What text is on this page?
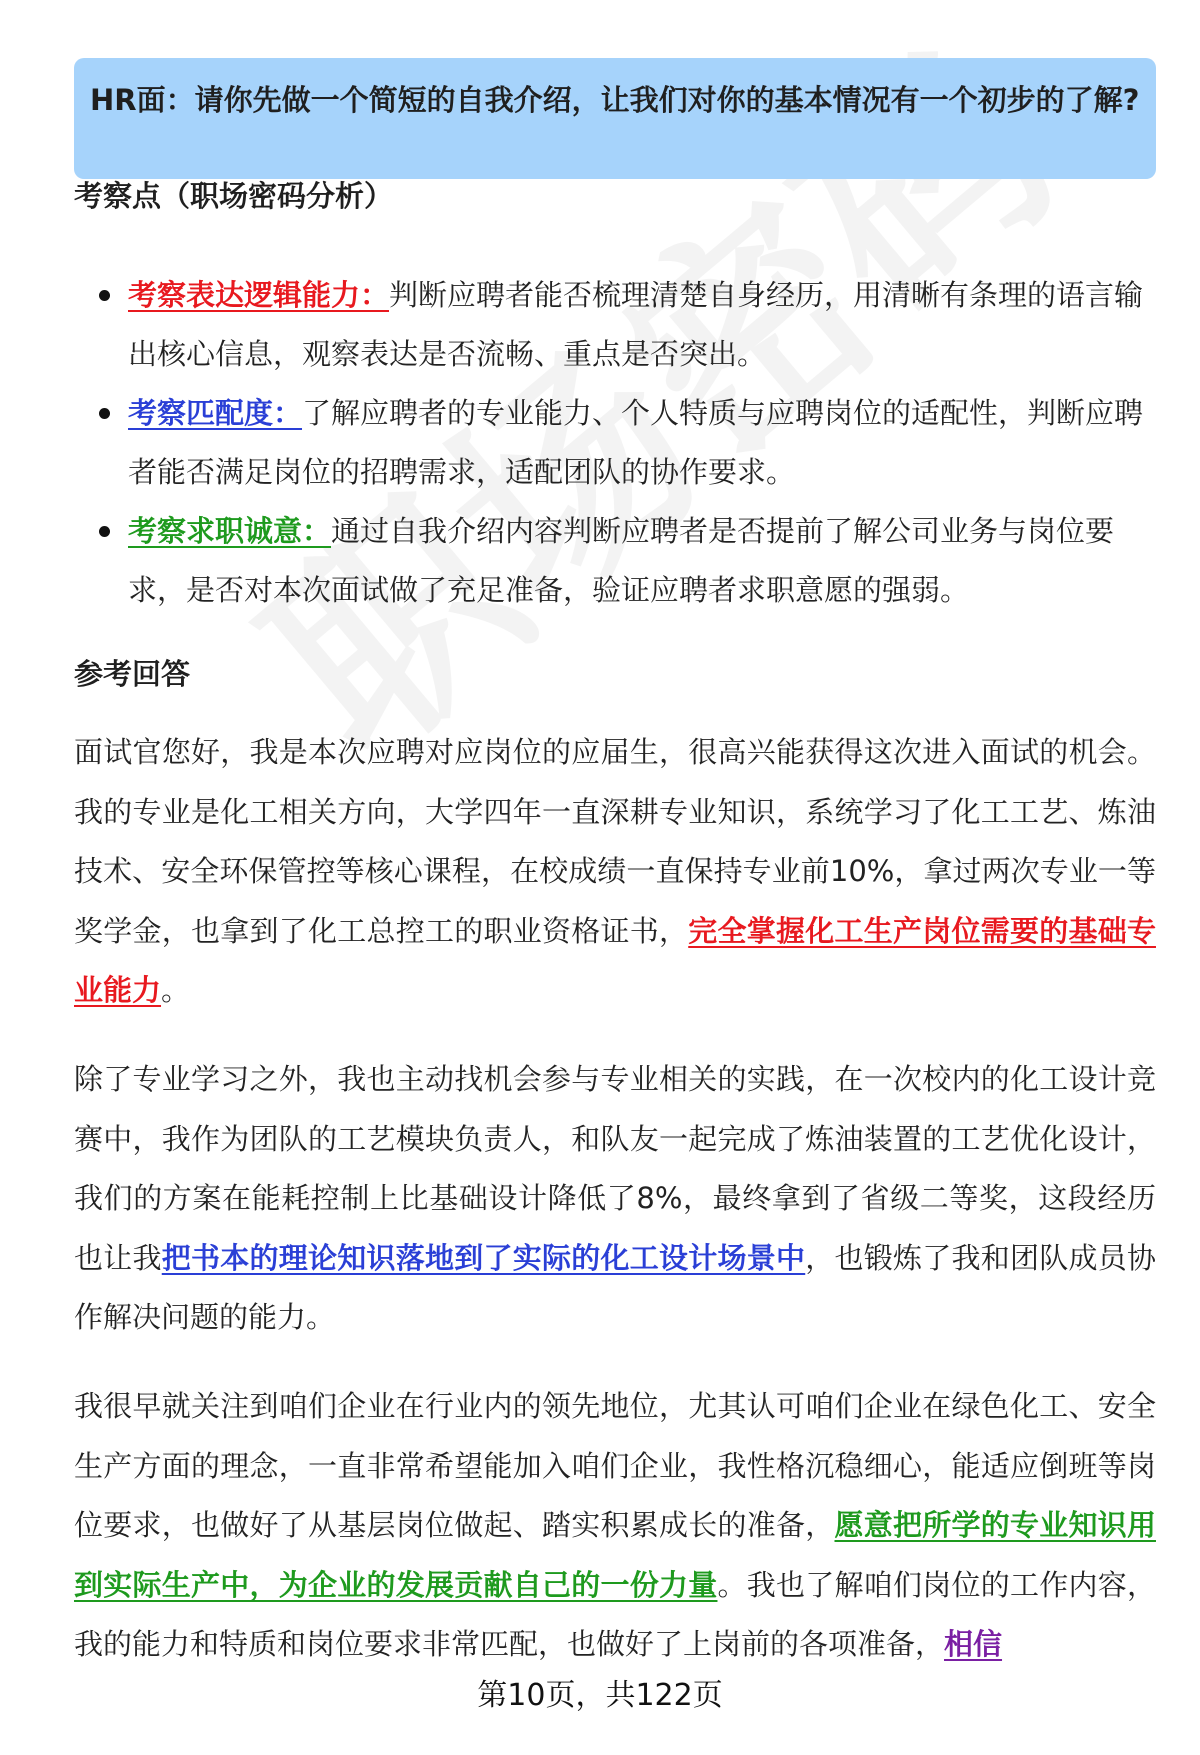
HR面：请你先做一个简短的自我介绍，让我们对你的基本情况有一个初步的了解?

考察点（职场密码分析）
考察表达逻辑能力：判断应聘者能否梳理清楚自身经历，用清晰有条理的语言输出核心信息，观察表达是否流畅、重点是否突出。
考察匹配度：了解应聘者的专业能力、个人特质与应聘岗位的适配性，判断应聘者能否满足岗位的招聘需求，适配团队的协作要求。
考察求职诚意：通过自我介绍内容判断应聘者是否提前了解公司业务与岗位要求，是否对本次面试做了充足准备，验证应聘者求职意愿的强弱。
参考回答

面试官您好，我是本次应聘对应岗位的应届生，很高兴能获得这次进入面试的机会。我的专业是化工相关方向，大学四年一直深耕专业知识，系统学习了化工工艺、炼油技术、安全环保管控等核心课程，在校成绩一直保持专业前10%，拿过两次专业一等奖学金，也拿到了化工总控工的职业资格证书，完全掌握化工生产岗位需要的基础专业能力。

除了专业学习之外，我也主动找机会参与专业相关的实践，在一次校内的化工设计竞赛中，我作为团队的工艺模块负责人，和队友一起完成了炼油装置的工艺优化设计，我们的方案在能耗控制上比基础设计降低了8%，最终拿到了省级二等奖，这段经历也让我把书本的理论知识落地到了实际的化工设计场景中，也锻炼了我和团队成员协作解决问题的能力。

我很早就关注到咱们企业在行业内的领先地位，尤其认可咱们企业在绿色化工、安全生产方面的理念，一直非常希望能加入咱们企业，我性格沉稳细心，能适应倒班等岗位要求，也做好了从基层岗位做起、踏实积累成长的准备，愿意把所学的专业知识用到实际生产中，为企业的发展贡献自己的一份力量。我也了解咱们岗位的工作内容，我的能力和特质和岗位要求非常匹配，也做好了上岗前的各项准备，相信

第10页，共122页
